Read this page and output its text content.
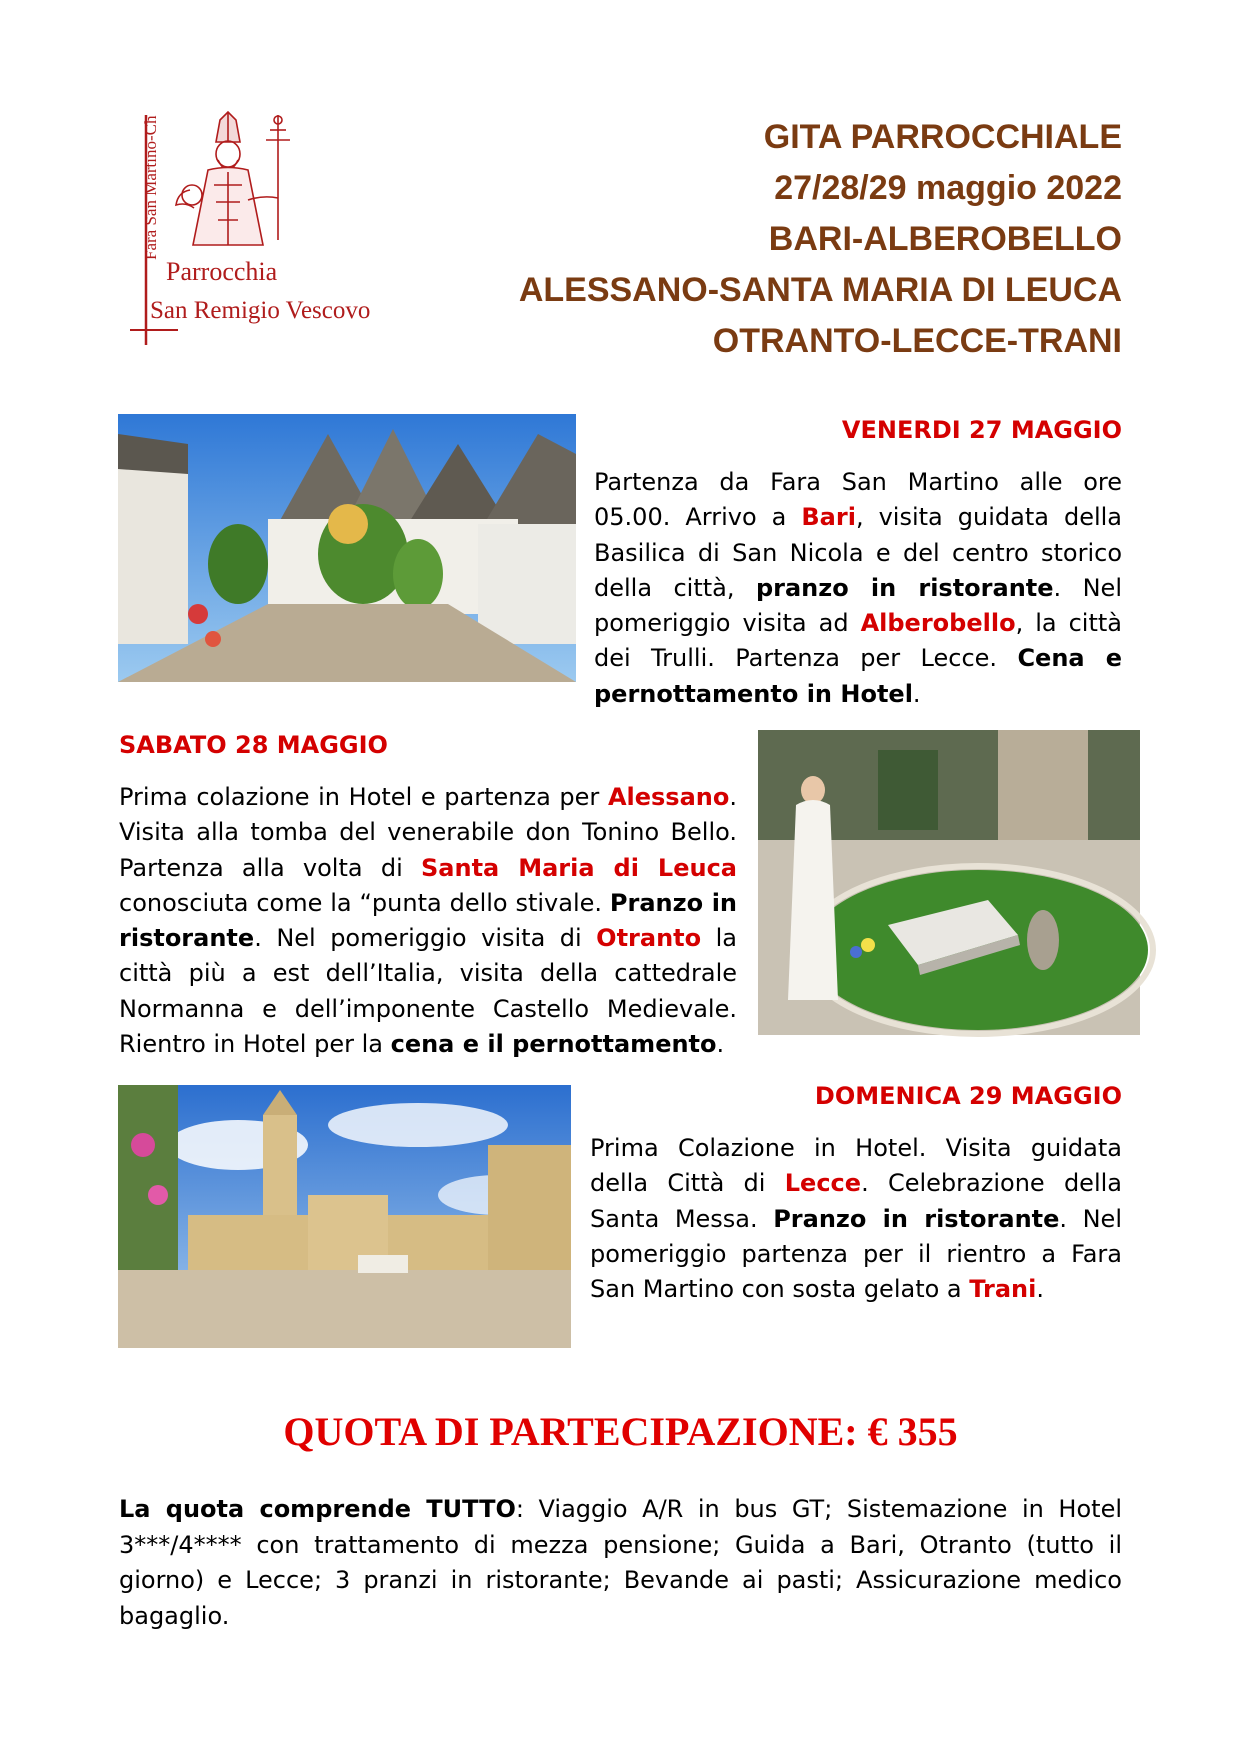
Fara San Martino-Ch
Parrocchia
San Remigio Vescovo
GITA PARROCCHIALE
27/28/29 maggio 2022
BARI-ALBEROBELLO
ALESSANO-SANTA MARIA DI LEUCA
OTRANTO-LECCE-TRANI
VENERDI 27 MAGGIO
Partenza da Fara San Martino alle ore 05.00. Arrivo a Bari, visita guidata della Basilica di San Nicola e del centro storico della città, pranzo in ristorante. Nel pomeriggio visita ad Alberobello, la città dei Trulli. Partenza per Lecce. Cena e pernottamento in Hotel.
SABATO 28 MAGGIO
Prima colazione in Hotel e partenza per Alessano. Visita alla tomba del venerabile don Tonino Bello. Partenza alla volta di Santa Maria di Leuca conosciuta come la “punta dello stivale. Pranzo in ristorante. Nel pomeriggio visita di Otranto la città più a est dell’Italia, visita della cattedrale Normanna e dell’imponente Castello Medievale. Rientro in Hotel per la cena e il pernottamento.
DOMENICA 29 MAGGIO
Prima Colazione in Hotel. Visita guidata della Città di Lecce. Celebrazione della Santa Messa. Pranzo in ristorante. Nel pomeriggio partenza per il rientro a Fara San Martino con sosta gelato a Trani.
QUOTA DI PARTECIPAZIONE: € 355
La quota comprende TUTTO: Viaggio A/R in bus GT; Sistemazione in Hotel 3***/4**** con trattamento di mezza pensione; Guida a Bari, Otranto (tutto il giorno) e Lecce; 3 pranzi in ristorante; Bevande ai pasti; Assicurazione medico bagaglio.
